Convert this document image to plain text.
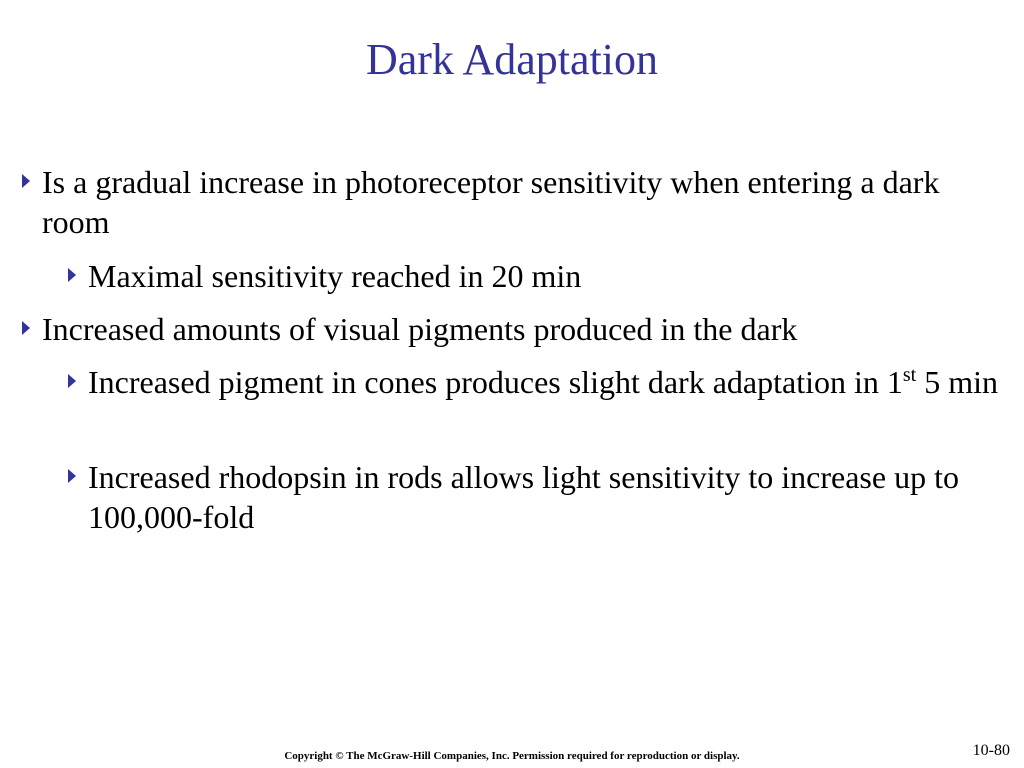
Dark Adaptation
Is a gradual increase in photoreceptor sensitivity when entering a dark room
Maximal sensitivity reached in 20 min
Increased amounts of visual pigments produced in the dark
Increased pigment in cones produces slight dark adaptation in 1st 5 min
Increased rhodopsin in rods allows light sensitivity to increase up to 100,000-fold
Copyright © The McGraw-Hill Companies, Inc. Permission required for reproduction or display.	10-80
